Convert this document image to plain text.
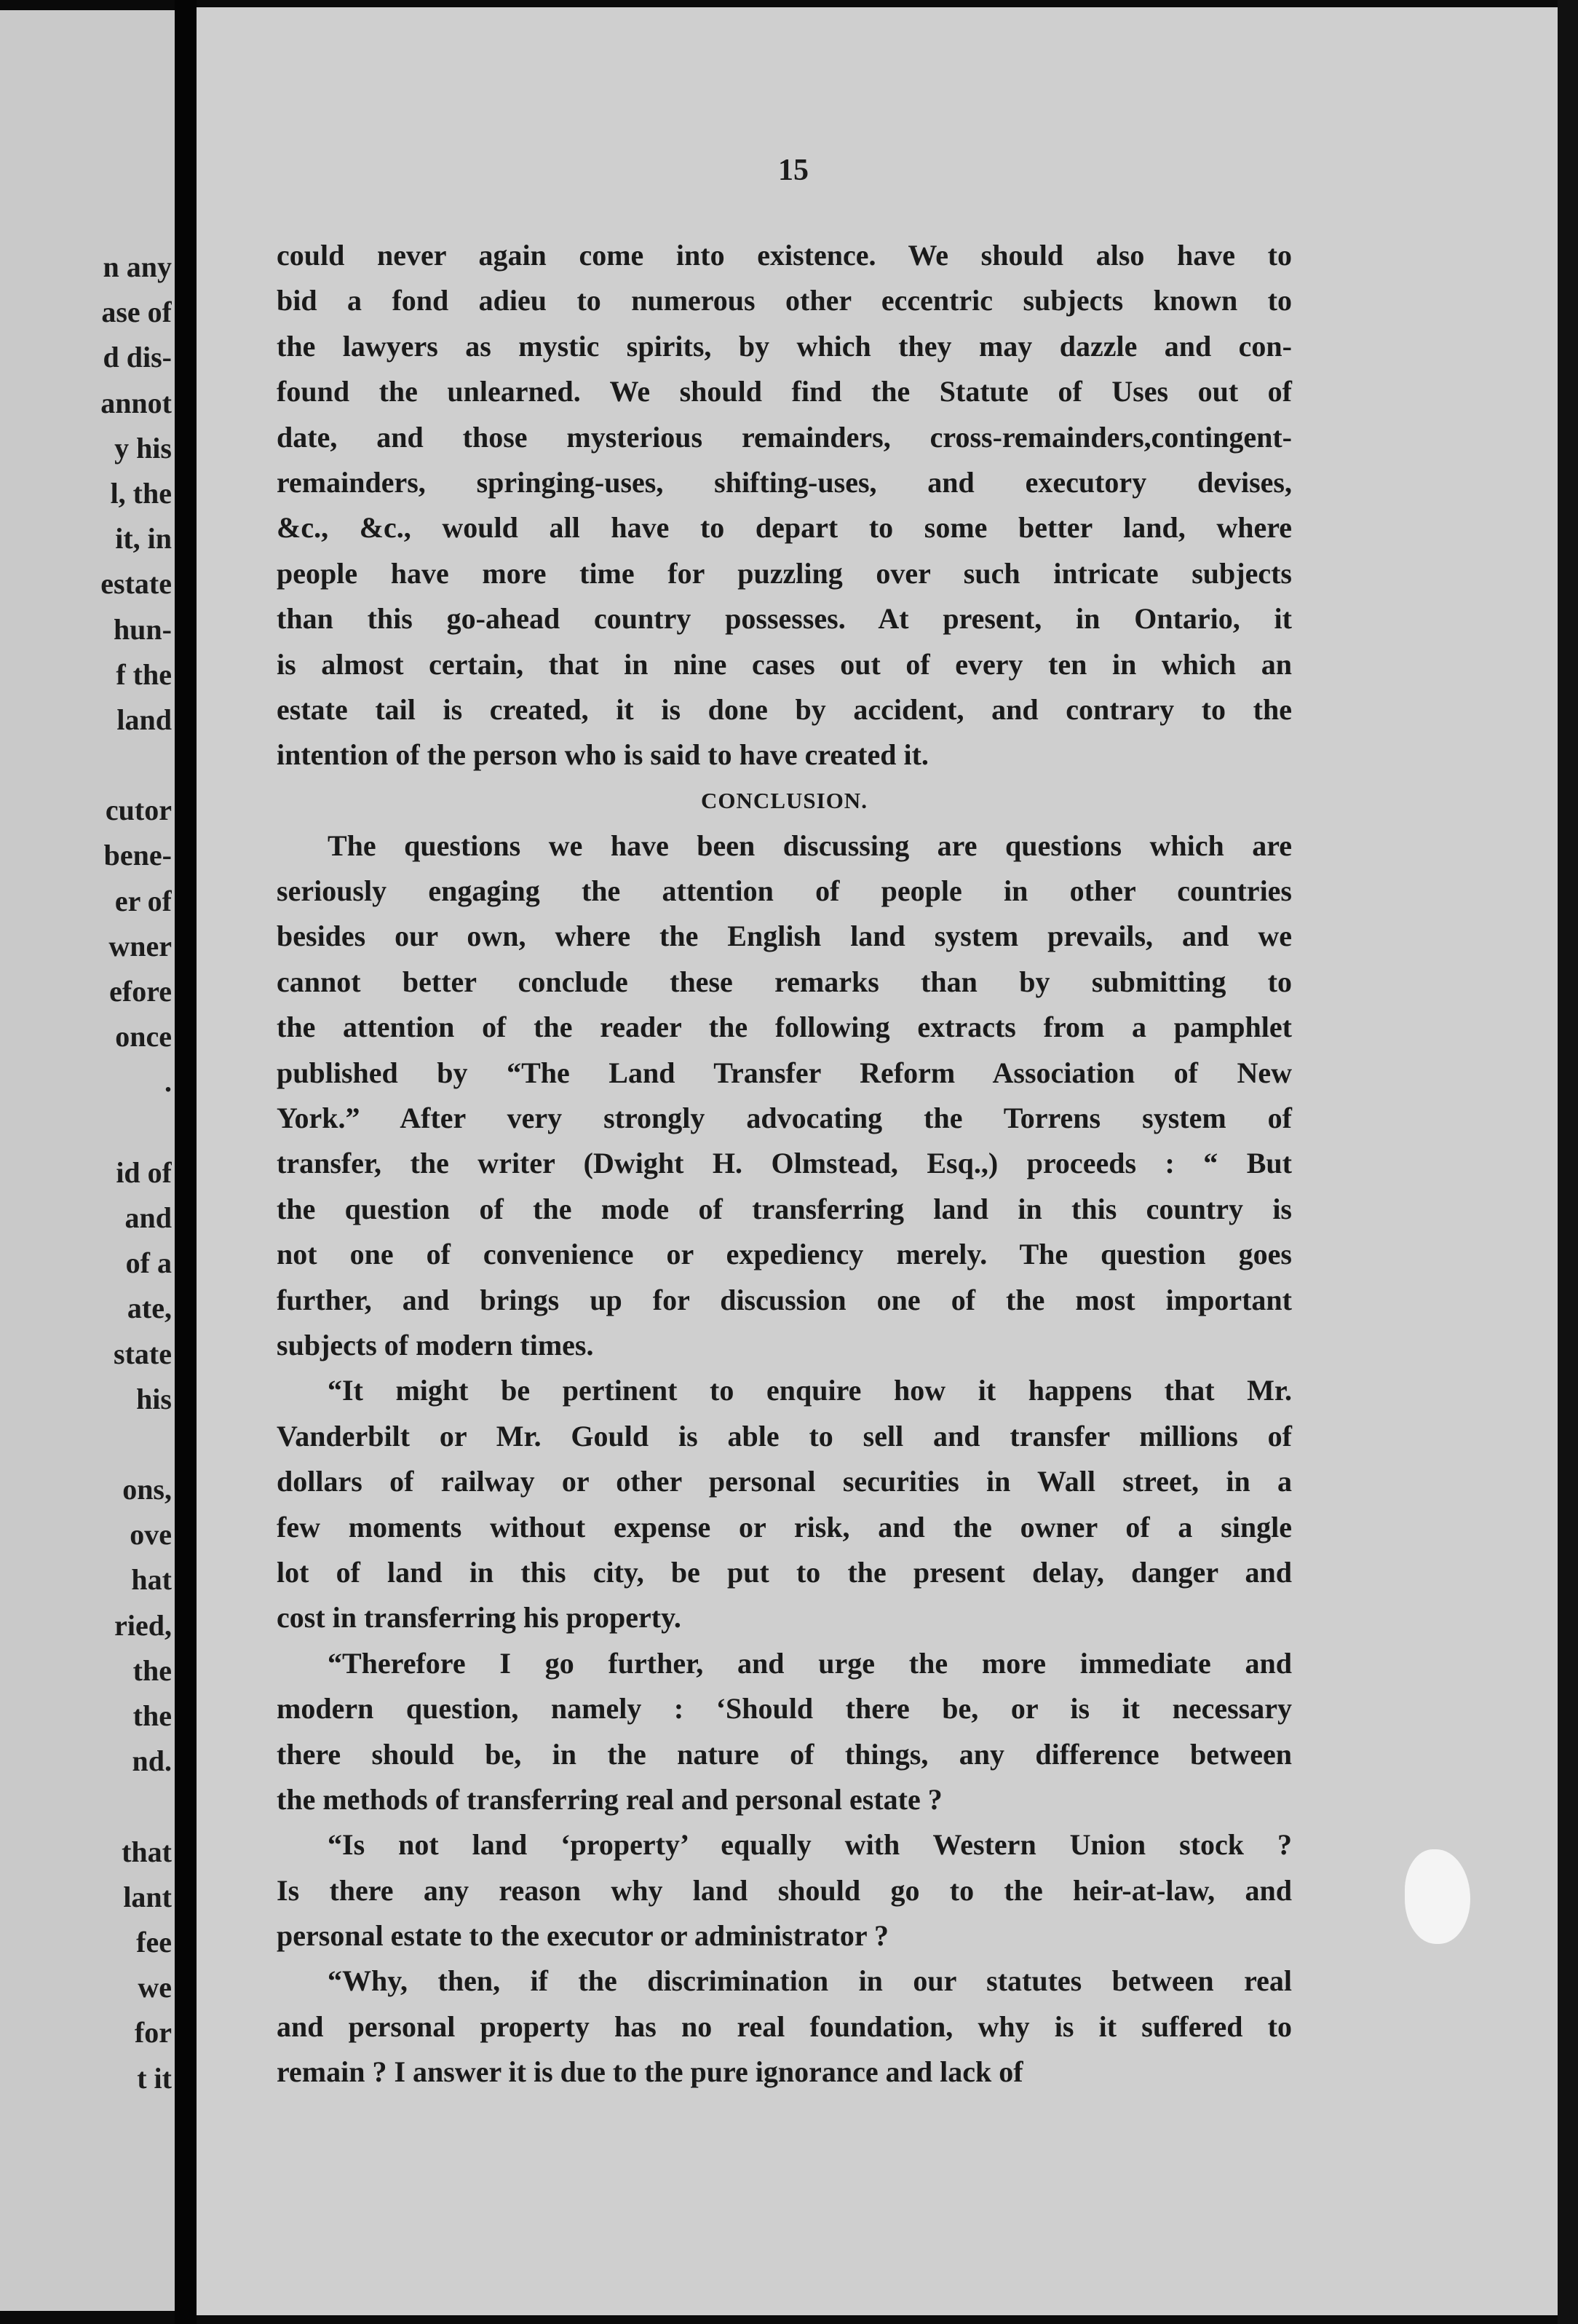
n any
ase of
d dis-
annot
y his
l, the
it, in
estate
hun-
f the
land
cutor
bene-
er of
wner
efore
once
.
id of
and
of a
ate,
state
his
ons,
ove
hat
ried,
the
the
nd.
that
lant
fee
we
for
t it
15
could never again come into existence. We should also have to
bid a fond adieu to numerous other eccentric subjects known to
the lawyers as mystic spirits, by which they may dazzle and con-
found the unlearned. We should find the Statute of Uses out of
date, and those mysterious remainders, cross-remainders,contingent-
remainders, springing-uses, shifting-uses, and executory devises,
&c., &c., would all have to depart to some better land, where
people have more time for puzzling over such intricate subjects
than this go-ahead country possesses. At present, in Ontario, it
is almost certain, that in nine cases out of every ten in which an
estate tail is created, it is done by accident, and contrary to the
intention of the person who is said to have created it.
CONCLUSION.
The questions we have been discussing are questions which are
seriously engaging the attention of people in other countries
besides our own, where the English land system prevails, and we
cannot better conclude these remarks than by submitting to
the attention of the reader the following extracts from a pamphlet
published by “The Land Transfer Reform Association of New
York.” After very strongly advocating the Torrens system of
transfer, the writer (Dwight H. Olmstead, Esq.,) proceeds : “ But
the question of the mode of transferring land in this country is
not one of convenience or expediency merely. The question goes
further, and brings up for discussion one of the most important
subjects of modern times.
“It might be pertinent to enquire how it happens that Mr.
Vanderbilt or Mr. Gould is able to sell and transfer millions of
dollars of railway or other personal securities in Wall street, in a
few moments without expense or risk, and the owner of a single
lot of land in this city, be put to the present delay, danger and
cost in transferring his property.
“Therefore I go further, and urge the more immediate and
modern question, namely : ‘Should there be, or is it necessary
there should be, in the nature of things, any difference between
the methods of transferring real and personal estate ?
“Is not land ‘property’ equally with Western Union stock ?
Is there any reason why land should go to the heir-at-law, and
personal estate to the executor or administrator ?
“Why, then, if the discrimination in our statutes between real
and personal property has no real foundation, why is it suffered to
remain ? I answer it is due to the pure ignorance and lack of
